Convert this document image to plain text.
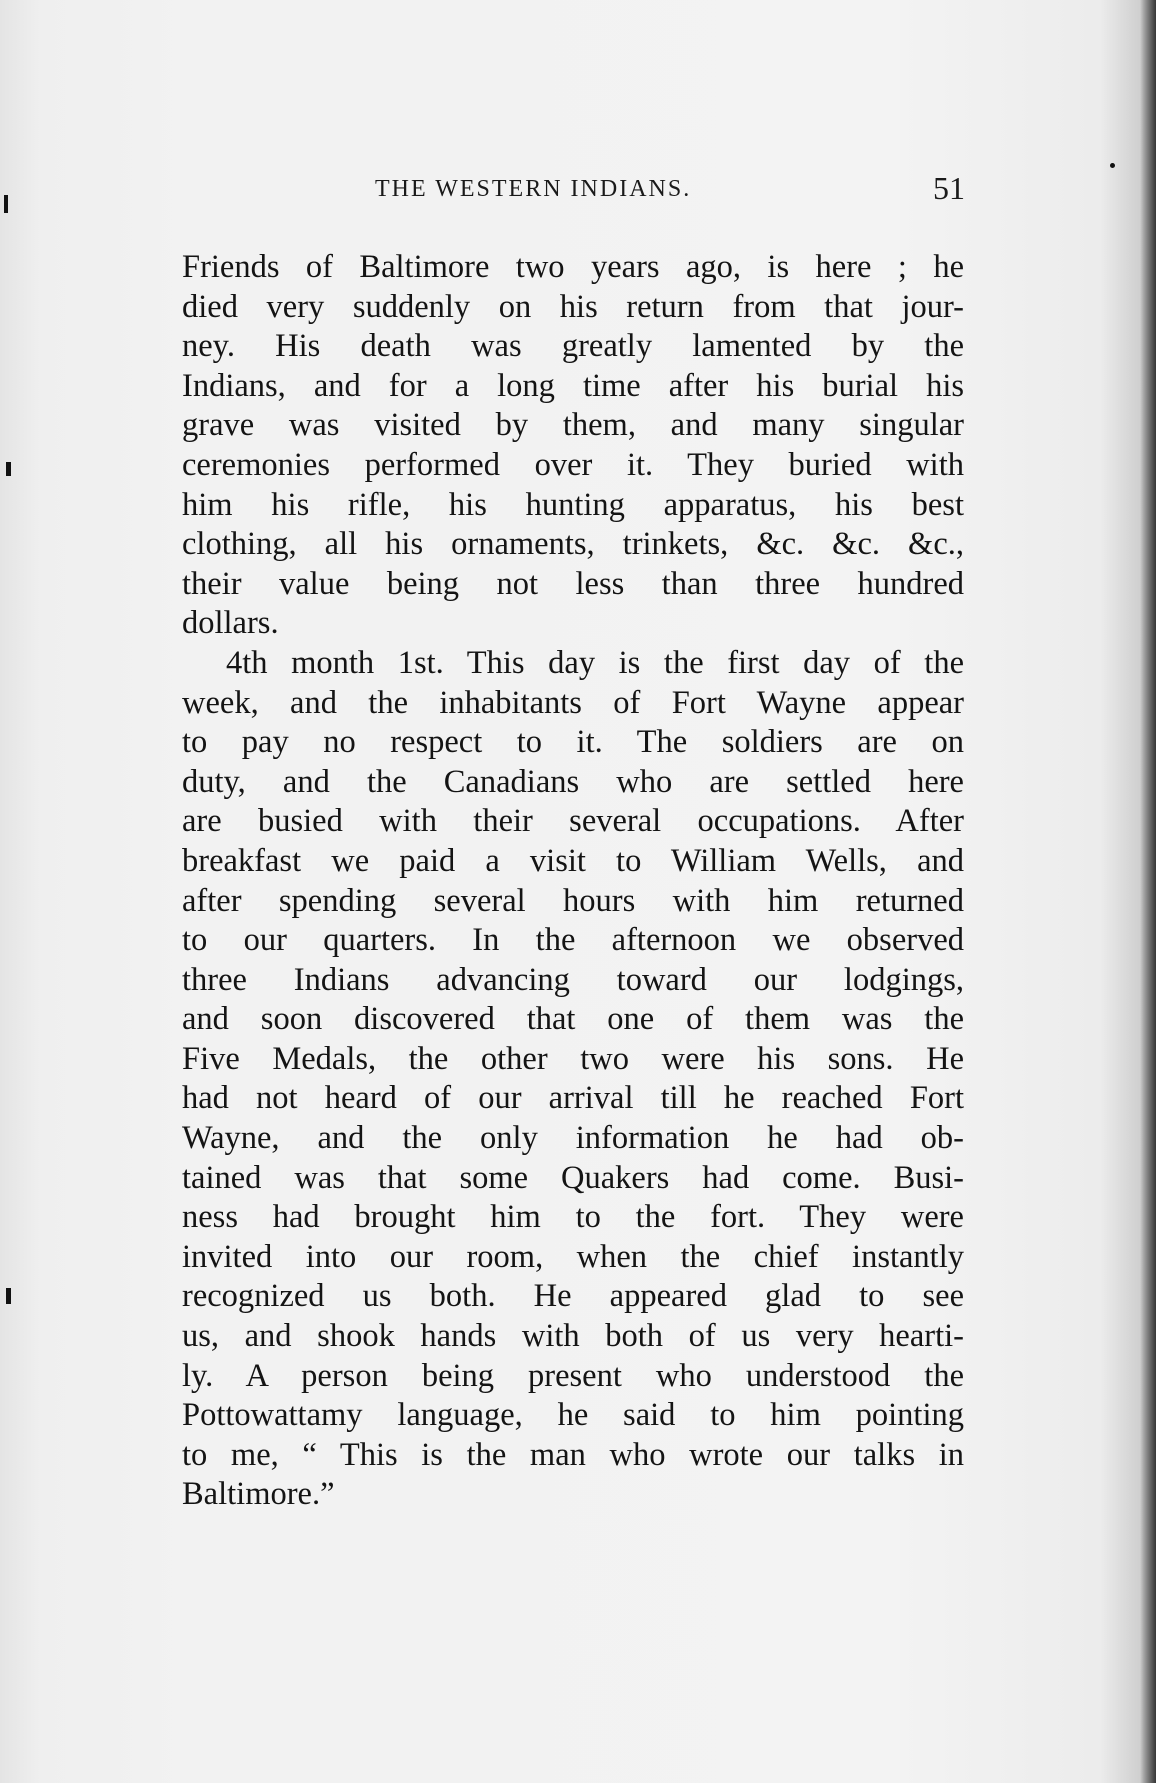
THE WESTERN INDIANS.	51
Friends of Baltimore two years ago, is here ; he
died very suddenly on his return from that jour-
ney. His death was greatly lamented by the
Indians, and for a long time after his burial his
grave was visited by them, and many singular
ceremonies performed over it. They buried with
him his rifle, his hunting apparatus, his best
clothing, all his ornaments, trinkets, &c. &c. &c.,
their value being not less than three hundred
dollars.
4th month 1st. This day is the first day of the
week, and the inhabitants of Fort Wayne appear
to pay no respect to it. The soldiers are on
duty, and the Canadians who are settled here
are busied with their several occupations. After
breakfast we paid a visit to William Wells, and
after spending several hours with him returned
to our quarters. In the afternoon we observed
three Indians advancing toward our lodgings,
and soon discovered that one of them was the
Five Medals, the other two were his sons. He
had not heard of our arrival till he reached Fort
Wayne, and the only information he had ob-
tained was that some Quakers had come. Busi-
ness had brought him to the fort. They were
invited into our room, when the chief instantly
recognized us both. He appeared glad to see
us, and shook hands with both of us very hearti-
ly. A person being present who understood the
Pottowattamy language, he said to him pointing
to me, “ This is the man who wrote our talks in
Baltimore.”
